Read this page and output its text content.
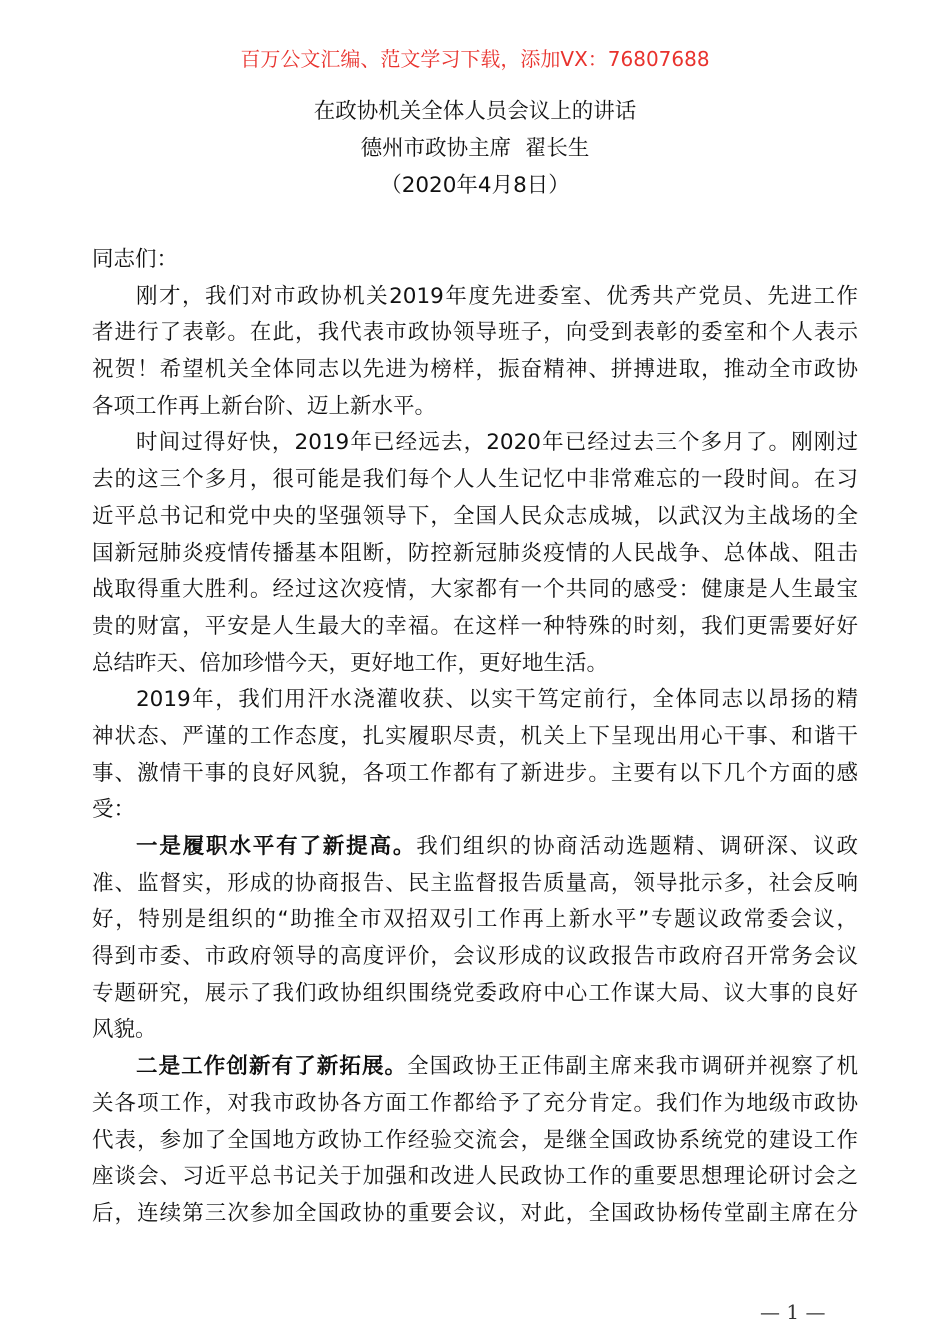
百万公文汇编、范文学习下载，添加VX：76807688
在政协机关全体人员会议上的讲话
德州市政协主席  翟长生
（2020年4月8日）
同志们：
刚才，我们对市政协机关2019年度先进委室、优秀共产党员、先进工作
者进行了表彰。在此，我代表市政协领导班子，向受到表彰的委室和个人表示
祝贺！希望机关全体同志以先进为榜样，振奋精神、拼搏进取，推动全市政协
各项工作再上新台阶、迈上新水平。
时间过得好快，2019年已经远去，2020年已经过去三个多月了。刚刚过
去的这三个多月，很可能是我们每个人人生记忆中非常难忘的一段时间。在习
近平总书记和党中央的坚强领导下，全国人民众志成城，以武汉为主战场的全
国新冠肺炎疫情传播基本阻断，防控新冠肺炎疫情的人民战争、总体战、阻击
战取得重大胜利。经过这次疫情，大家都有一个共同的感受：健康是人生最宝
贵的财富，平安是人生最大的幸福。在这样一种特殊的时刻，我们更需要好好
总结昨天、倍加珍惜今天，更好地工作，更好地生活。
2019年，我们用汗水浇灌收获、以实干笃定前行，全体同志以昂扬的精
神状态、严谨的工作态度，扎实履职尽责，机关上下呈现出用心干事、和谐干
事、激情干事的良好风貌，各项工作都有了新进步。主要有以下几个方面的感
受：
一是履职水平有了新提高。我们组织的协商活动选题精、调研深、议政
准、监督实，形成的协商报告、民主监督报告质量高，领导批示多，社会反响
好，特别是组织的“助推全市双招双引工作再上新水平”专题议政常委会议，
得到市委、市政府领导的高度评价，会议形成的议政报告市政府召开常务会议
专题研究，展示了我们政协组织围绕党委政府中心工作谋大局、议大事的良好
风貌。
二是工作创新有了新拓展。全国政协王正伟副主席来我市调研并视察了机
关各项工作，对我市政协各方面工作都给予了充分肯定。我们作为地级市政协
代表，参加了全国地方政协工作经验交流会，是继全国政协系统党的建设工作
座谈会、习近平总书记关于加强和改进人民政协工作的重要思想理论研讨会之
后，连续第三次参加全国政协的重要会议，对此，全国政协杨传堂副主席在分
— 1 —
